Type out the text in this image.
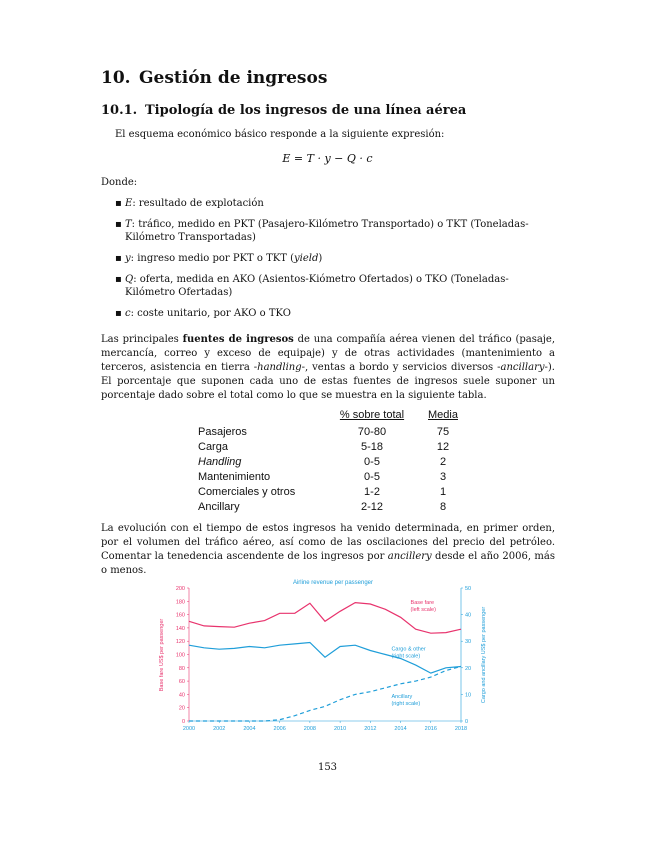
10. Gestión de ingresos
10.1. Tipología de los ingresos de una línea aérea
El esquema económico básico responde a la siguiente expresión:
E = T · y − Q · c
Donde:
▪ E: resultado de explotación
▪ T: tráfico, medido en PKT (Pasajero-Kilómetro Transportado) o TKT (Toneladas-Kilómetro Transportadas)
▪ y: ingreso medio por PKT o TKT (yield)
▪ Q: oferta, medida en AKO (Asientos-Kiómetro Ofertados) o TKO (Toneladas-Kilómetro Ofertadas)
▪ c: coste unitario, por AKO o TKO
Las principales fuentes de ingresos de una compañía aérea vienen del tráfico (pasaje, mercancía, correo y exceso de equipaje) y de otras actividades (mantenimiento a terceros, asistencia en tierra -handling-, ventas a bordo y servicios diversos -ancillary-). El porcentaje que suponen cada uno de estas fuentes de ingresos suele suponer un porcentaje dado sobre el total como lo que se muestra en la siguiente tabla.
	% sobre total	Media
Pasajeros	70-80	75
Carga	5-18	12
Handling	0-5	2
Mantenimiento	0-5	3
Comerciales y otros	1-2	1
Ancillary	2-12	8
La evolución con el tiempo de estos ingresos ha venido determinada, en primer orden, por el volumen del tráfico aéreo, así como de las oscilaciones del precio del petróleo. Comentar la tenedencia ascendente de los ingresos por ancillery desde el año 2006, más o menos.
Airline revenue per passenger
0
20
40
60
80
100
120
140
160
180
200
0
10
20
30
40
50
2000	2002	2004	2006	2008	2010	2012	2014	2016	2018
Base fare
(left scale)
Cargo & other
(right scale)
Ancillary
(right scale)
Base fare US$ per passenger	Cargo and ancillary US$ per passenger
153
